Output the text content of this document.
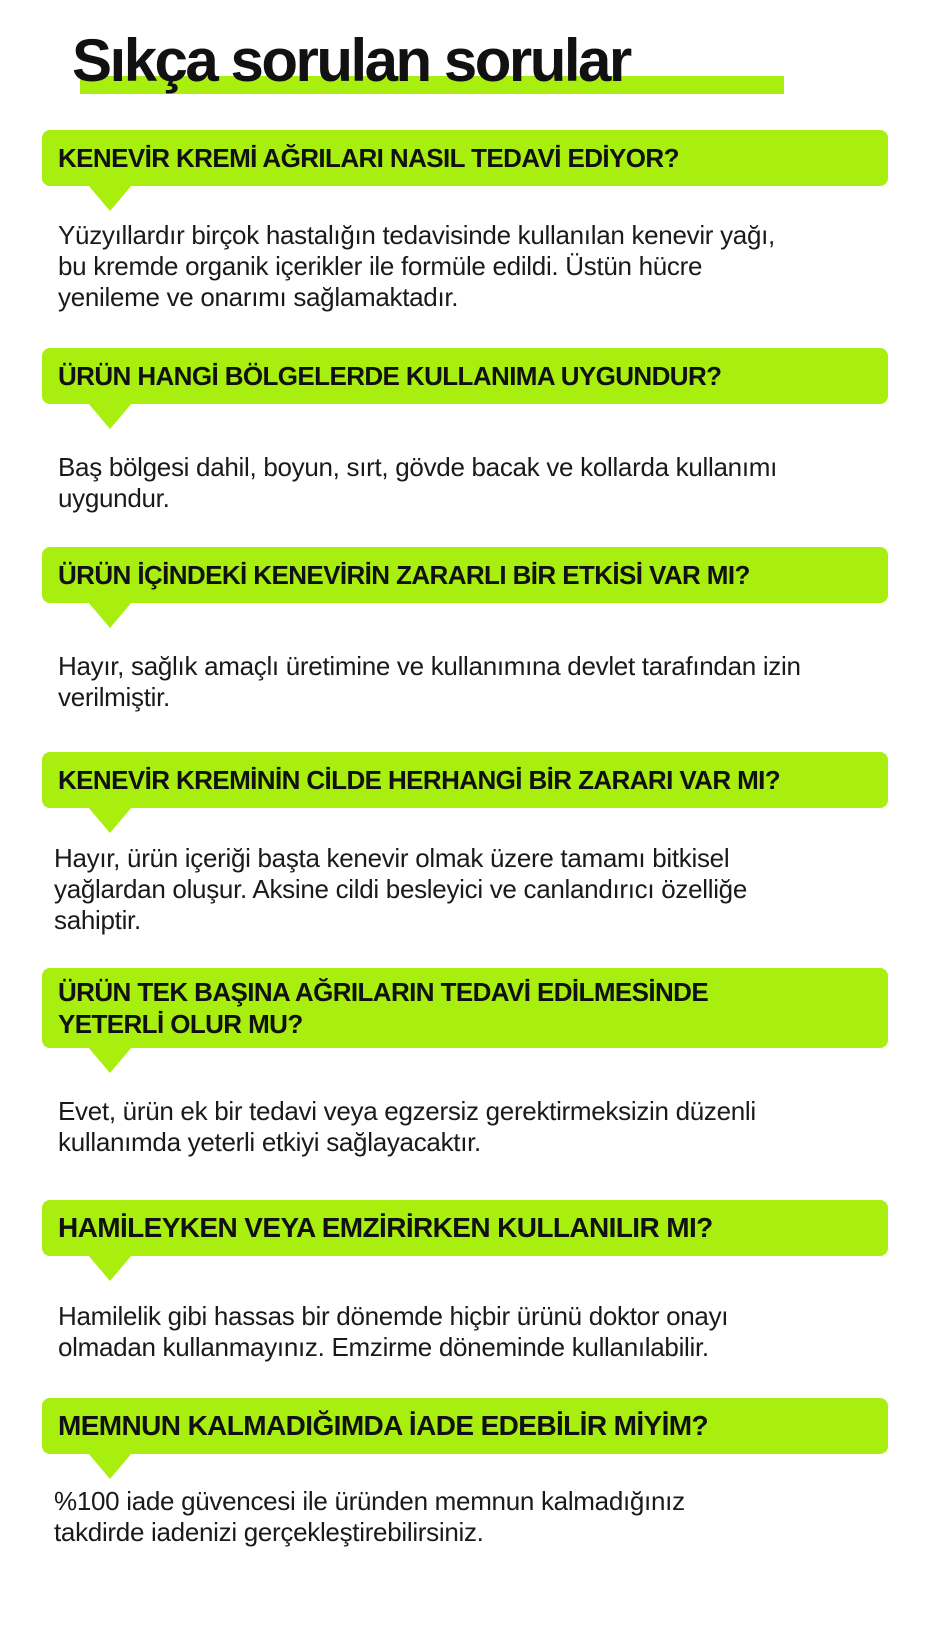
Sıkça sorulan sorular
KENEVİR KREMİ AĞRILARI NASIL TEDAVİ EDİYOR?

Yüzyıllardır birçok hastalığın tedavisinde kullanılan kenevir yağı,
bu kremde organik içerikler ile formüle edildi. Üstün hücre
yenileme ve onarımı sağlamaktadır.

ÜRÜN HANGİ BÖLGELERDE KULLANIMA UYGUNDUR?

Baş bölgesi dahil, boyun, sırt, gövde bacak ve kollarda kullanımı
uygundur.

ÜRÜN İÇİNDEKİ KENEVİRİN ZARARLI BİR ETKİSİ VAR MI?

Hayır, sağlık amaçlı üretimine ve kullanımına devlet tarafından izin
verilmiştir.

KENEVİR KREMİNİN CİLDE HERHANGİ BİR ZARARI VAR MI?

Hayır, ürün içeriği başta kenevir olmak üzere tamamı bitkisel
yağlardan oluşur. Aksine cildi besleyici ve canlandırıcı özelliğe
sahiptir.

ÜRÜN TEK BAŞINA AĞRILARIN TEDAVİ EDİLMESİNDE
YETERLİ OLUR MU?

Evet, ürün ek bir tedavi veya egzersiz gerektirmeksizin düzenli
kullanımda yeterli etkiyi sağlayacaktır.

HAMİLEYKEN VEYA EMZİRİRKEN KULLANILIR MI?

Hamilelik gibi hassas bir dönemde hiçbir ürünü doktor onayı
olmadan kullanmayınız. Emzirme döneminde kullanılabilir.

MEMNUN KALMADIĞIMDA İADE EDEBİLİR MİYİM?

%100 iade güvencesi ile üründen memnun kalmadığınız
takdirde iadenizi gerçekleştirebilirsiniz.
